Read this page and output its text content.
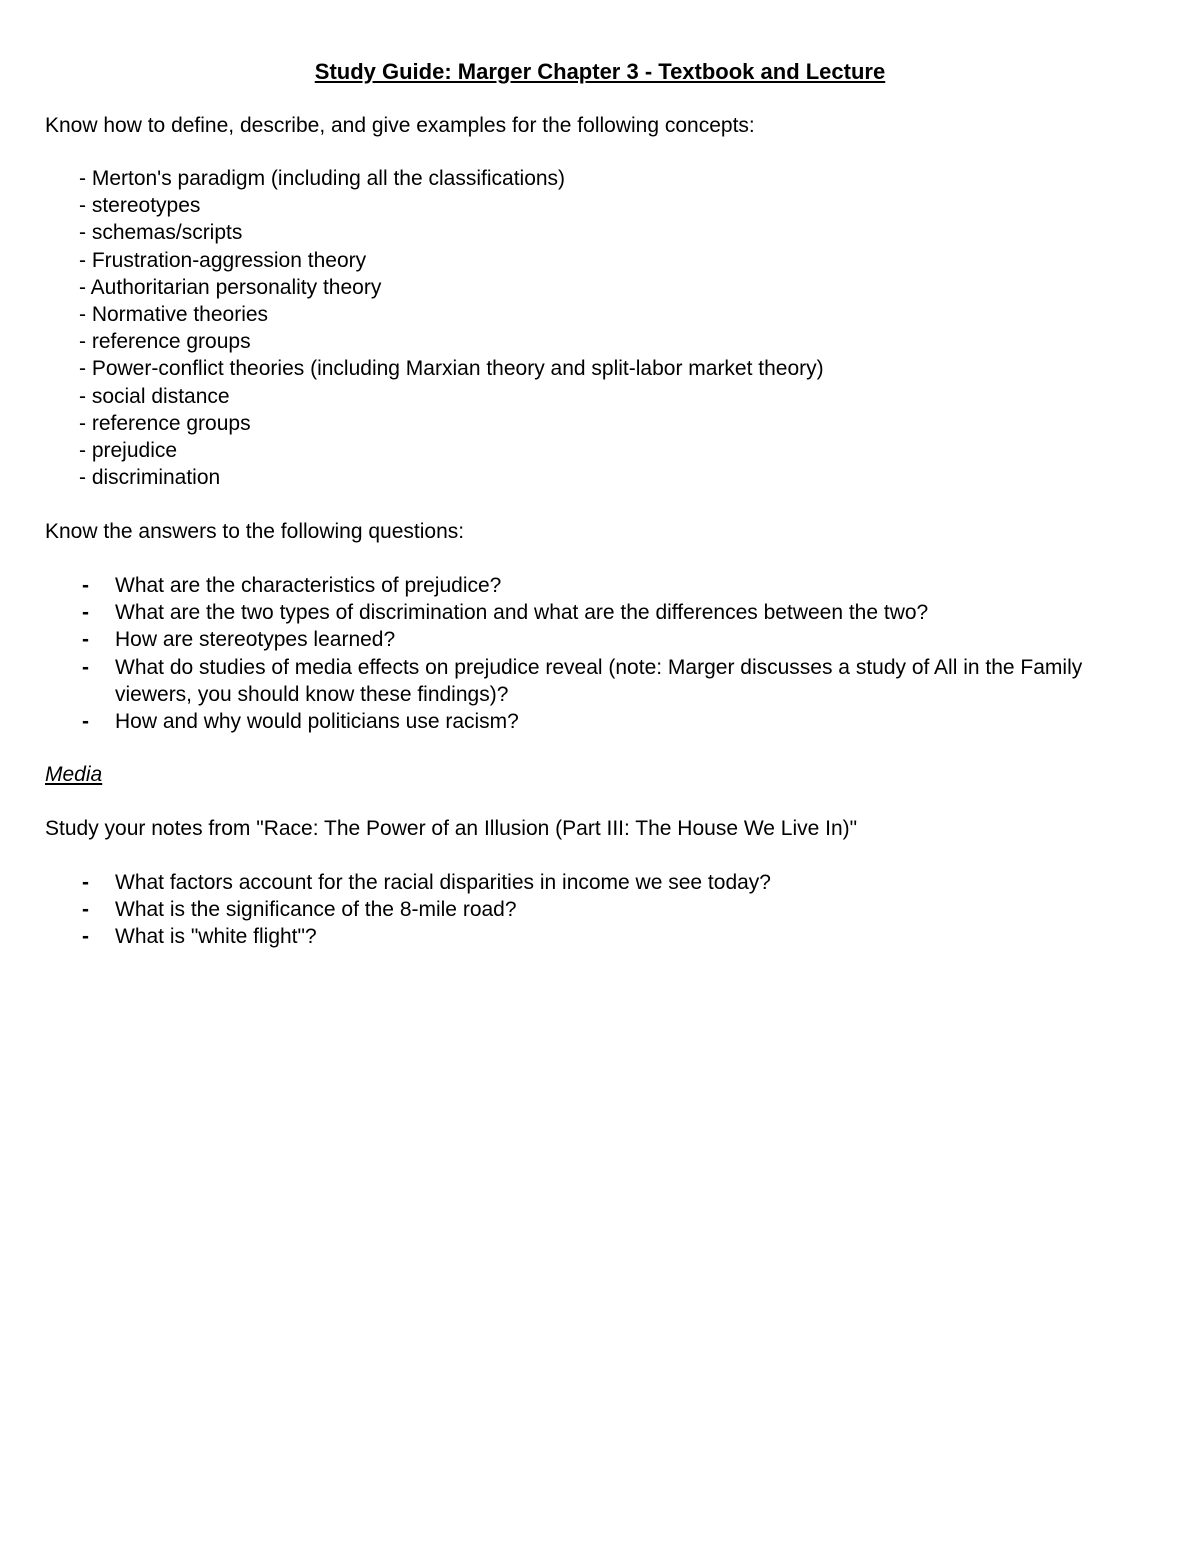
Study Guide: Marger Chapter 3 - Textbook and Lecture

Know how to define, describe, and give examples for the following concepts:

- Merton's paradigm (including all the classifications)
- stereotypes
- schemas/scripts
- Frustration-aggression theory
- Authoritarian personality theory
- Normative theories
- reference groups
- Power-conflict theories (including Marxian theory and split-labor market theory)
- social distance
- reference groups
- prejudice
- discrimination

Know the answers to the following questions:

- What are the characteristics of prejudice?
- What are the two types of discrimination and what are the differences between the two?
- How are stereotypes learned?
- What do studies of media effects on prejudice reveal (note: Marger discusses a study of All in the Family viewers, you should know these findings)?
- How and why would politicians use racism?
Media

Study your notes from "Race: The Power of an Illusion (Part III: The House We Live In)"

- What factors account for the racial disparities in income we see today?
- What is the significance of the 8-mile road?
- What is "white flight"?
